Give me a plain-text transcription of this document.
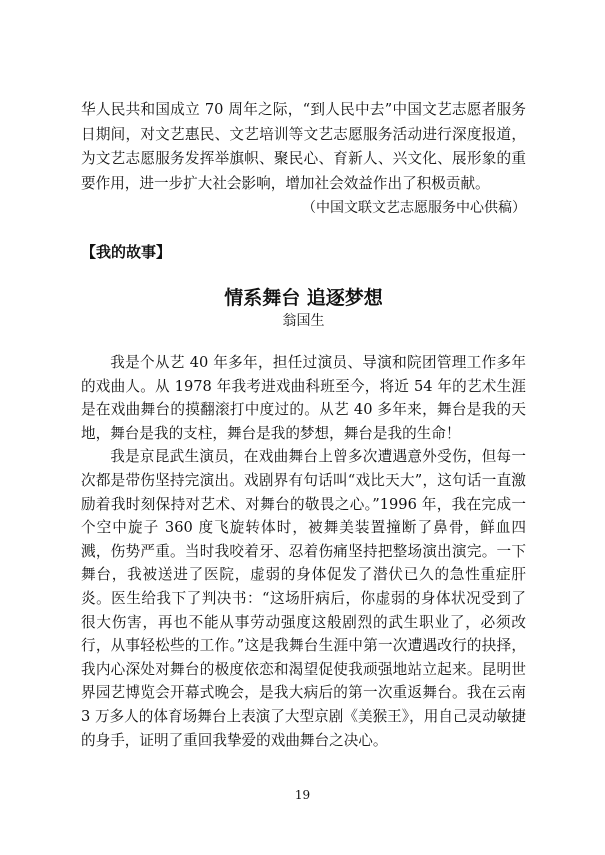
华人民共和国成立 70 周年之际，“到人民中去”中国文艺志愿者服务日期间，对文艺惠民、文艺培训等文艺志愿服务活动进行深度报道，为文艺志愿服务发挥举旗帜、聚民心、育新人、兴文化、展形象的重要作用，进一步扩大社会影响，增加社会效益作出了积极贡献。

（中国文联文艺志愿服务中心供稿）

【我的故事】
情系舞台 追逐梦想

翁国生

我是个从艺 40 年多年，担任过演员、导演和院团管理工作多年的戏曲人。从 1978 年我考进戏曲科班至今，将近 54 年的艺术生涯是在戏曲舞台的摸翻滚打中度过的。从艺 40 多年来，舞台是我的天地，舞台是我的支柱，舞台是我的梦想，舞台是我的生命！

我是京昆武生演员，在戏曲舞台上曾多次遭遇意外受伤，但每一次都是带伤坚持完演出。戏剧界有句话叫“戏比天大”，这句话一直激励着我时刻保持对艺术、对舞台的敬畏之心。”1996 年，我在完成一个空中旋子 360 度飞旋转体时，被舞美装置撞断了鼻骨，鲜血四溅，伤势严重。当时我咬着牙、忍着伤痛坚持把整场演出演完。一下舞台，我被送进了医院，虚弱的身体促发了潜伏已久的急性重症肝炎。医生给我下了判决书：“这场肝病后，你虚弱的身体状况受到了很大伤害，再也不能从事劳动强度这般剧烈的武生职业了，必须改行，从事轻松些的工作。”这是我舞台生涯中第一次遭遇改行的抉择，我内心深处对舞台的极度依恋和渴望促使我顽强地站立起来。昆明世界园艺博览会开幕式晚会，是我大病后的第一次重返舞台。我在云南 3 万多人的体育场舞台上表演了大型京剧《美猴王》，用自己灵动敏捷的身手，证明了重回我挚爱的戏曲舞台之决心。

19
